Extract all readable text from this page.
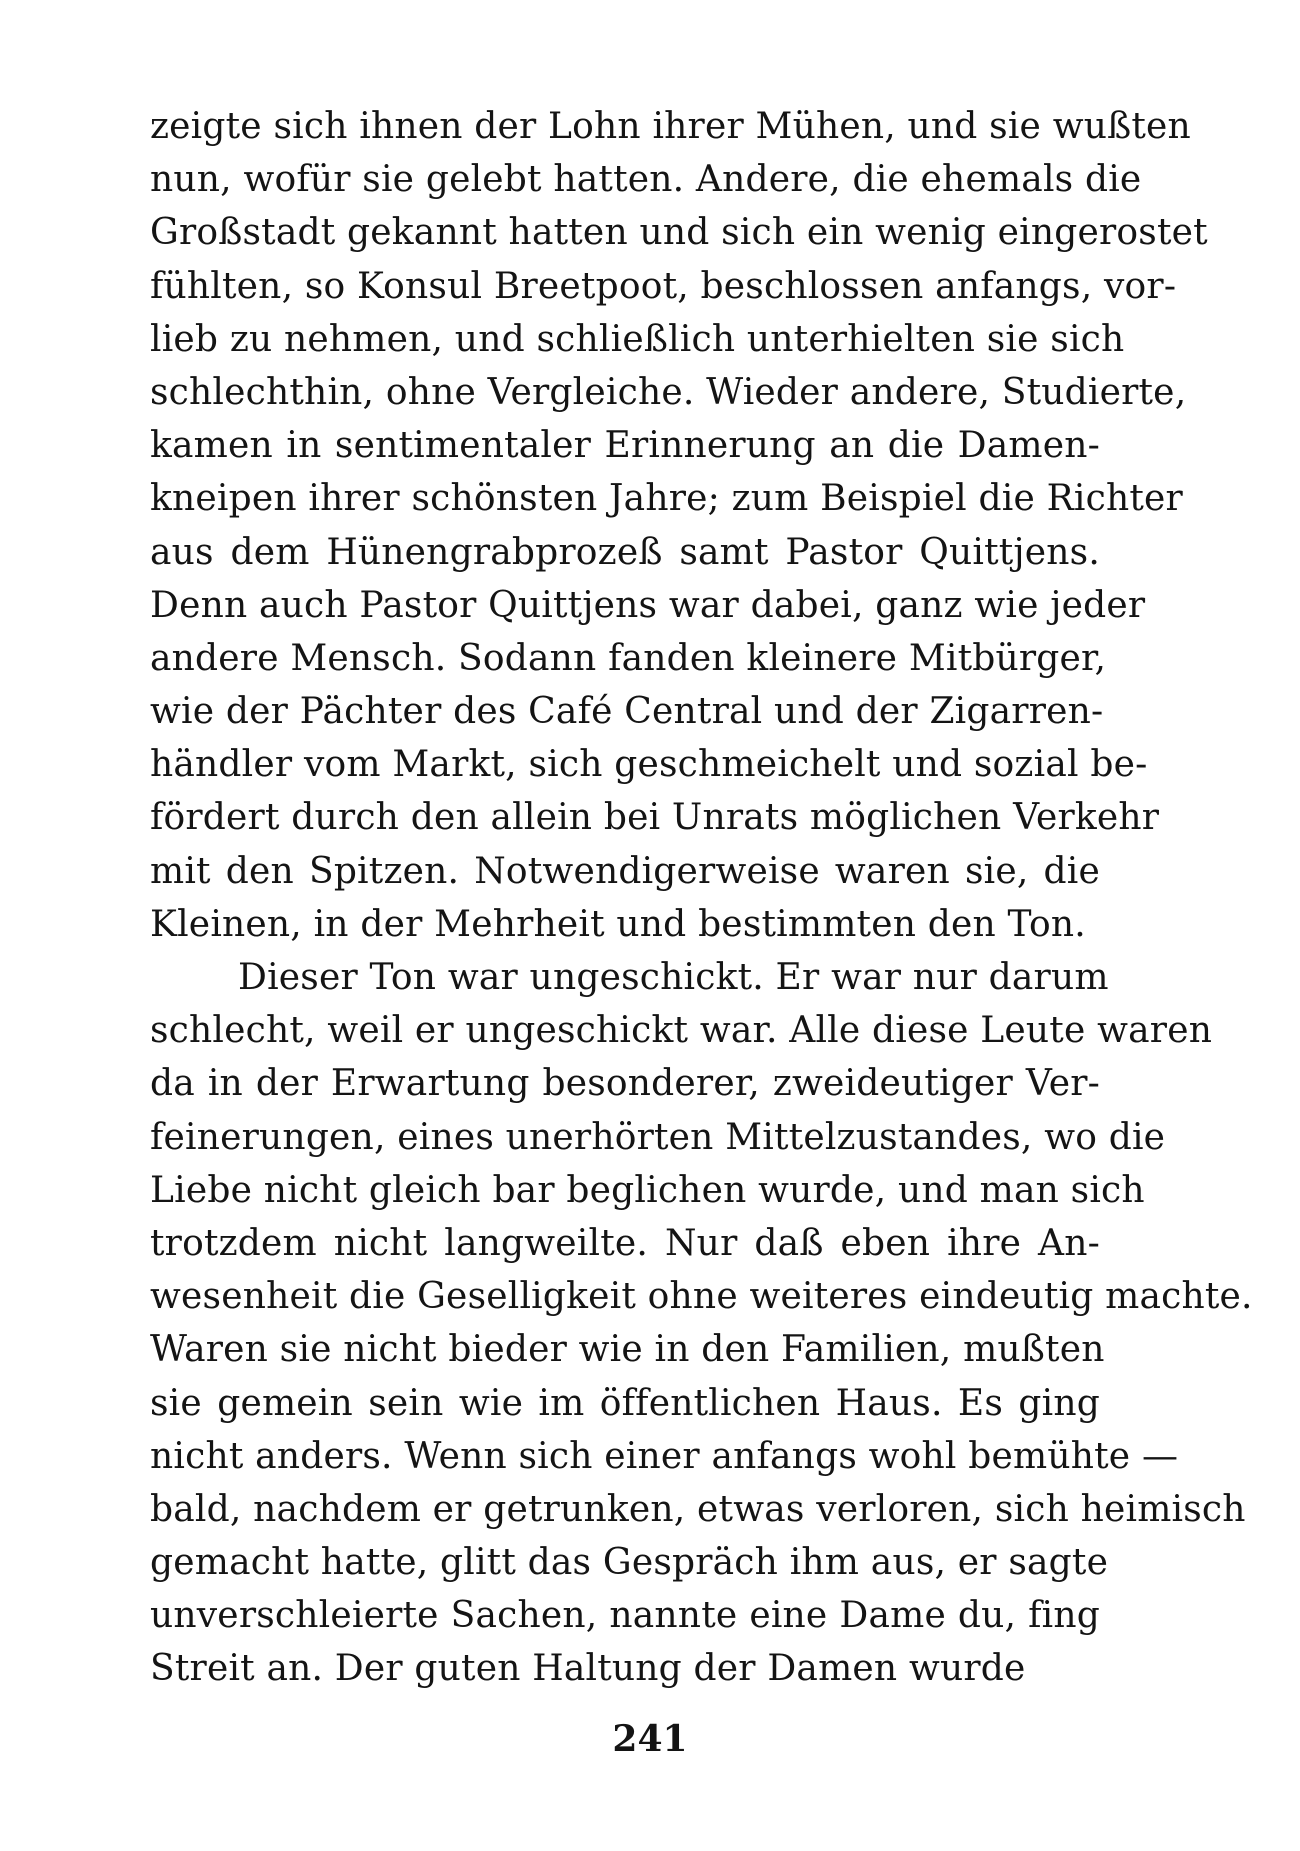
zeigte sich ihnen der Lohn ihrer Mühen, und sie wußten
nun, wofür sie gelebt hatten. Andere, die ehemals die
Großstadt gekannt hatten und sich ein wenig eingerostet
fühlten, so Konsul Breetpoot, beschlossen anfangs, vor-
lieb zu nehmen, und schließlich unterhielten sie sich
schlechthin, ohne Vergleiche. Wieder andere, Studierte,
kamen in sentimentaler Erinnerung an die Damen-
kneipen ihrer schönsten Jahre; zum Beispiel die Richter
aus dem Hünengrabprozeß samt Pastor Quittjens.
Denn auch Pastor Quittjens war dabei, ganz wie jeder
andere Mensch. Sodann fanden kleinere Mitbürger,
wie der Pächter des Café Central und der Zigarren-
händler vom Markt, sich geschmeichelt und sozial be-
fördert durch den allein bei Unrats möglichen Verkehr
mit den Spitzen. Notwendigerweise waren sie, die
Kleinen, in der Mehrheit und bestimmten den Ton.
Dieser Ton war ungeschickt. Er war nur darum
schlecht, weil er ungeschickt war. Alle diese Leute waren
da in der Erwartung besonderer, zweideutiger Ver-
feinerungen, eines unerhörten Mittelzustandes, wo die
Liebe nicht gleich bar beglichen wurde, und man sich
trotzdem nicht langweilte. Nur daß eben ihre An-
wesenheit die Geselligkeit ohne weiteres eindeutig machte.
Waren sie nicht bieder wie in den Familien, mußten
sie gemein sein wie im öffentlichen Haus. Es ging
nicht anders. Wenn sich einer anfangs wohl bemühte —
bald, nachdem er getrunken, etwas verloren, sich heimisch
gemacht hatte, glitt das Gespräch ihm aus, er sagte
unverschleierte Sachen, nannte eine Dame du, fing
Streit an. Der guten Haltung der Damen wurde
241
